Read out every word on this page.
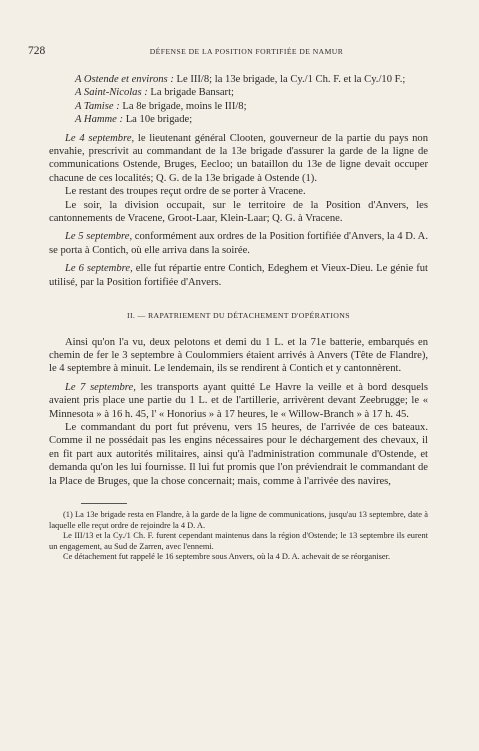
728	DÉFENSE DE LA POSITION FORTIFIÉE DE NAMUR

A Ostende et environs : Le III/8; la 13e brigade, la Cy./1 Ch. F. et la Cy./10 F.;

A Saint-Nicolas : La brigade Bansart;

A Tamise : La 8e brigade, moins le III/8;

A Hamme : La 10e brigade;

Le 4 septembre, le lieutenant général Clooten, gouverneur de la partie du pays non envahie, prescrivit au commandant de la 13e brigade d'assurer la garde de la ligne de communications Ostende, Bruges, Eecloo; un bataillon du 13e de ligne devait occuper chacune de ces localités; Q. G. de la 13e brigade à Ostende (1).

Le restant des troupes reçut ordre de se porter à Vracene.

Le soir, la division occupait, sur le territoire de la Position d'Anvers, les cantonnements de Vracene, Groot-Laar, Klein-Laar; Q. G. à Vracene.

Le 5 septembre, conformément aux ordres de la Position fortifiée d'Anvers, la 4 D. A. se porta à Contich, où elle arriva dans la soirée.

Le 6 septembre, elle fut répartie entre Contich, Edeghem et Vieux-Dieu. Le génie fut utilisé, par la Position fortifiée d'Anvers.

II. — RAPATRIEMENT DU DÉTACHEMENT D'OPÉRATIONS

Ainsi qu'on l'a vu, deux pelotons et demi du 1 L. et la 71e batterie, embarqués en chemin de fer le 3 septembre à Coulommiers étaient arrivés à Anvers (Tête de Flandre), le 4 septembre à minuit. Le lendemain, ils se rendirent à Contich et y cantonnèrent.

Le 7 septembre, les transports ayant quitté Le Havre la veille et à bord desquels avaient pris place une partie du 1 L. et de l'artillerie, arrivèrent devant Zeebrugge; le « Minnesota » à 16 h. 45, l' « Honorius » à 17 heures, le « Willow-Branch » à 17 h. 45.

Le commandant du port fut prévenu, vers 15 heures, de l'arrivée de ces bateaux. Comme il ne possédait pas les engins nécessaires pour le déchargement des chevaux, il en fit part aux autorités militaires, ainsi qu'à l'administration communale d'Ostende, et demanda qu'on les lui fournisse. Il lui fut promis que l'on préviendrait le commandant de la Place de Bruges, que la chose concernait; mais, comme à l'arrivée des navires,

(1) La 13e brigade resta en Flandre, à la garde de la ligne de communications, jusqu'au 13 septembre, date à laquelle elle reçut ordre de rejoindre la 4 D. A.

Le III/13 et la Cy./1 Ch. F. furent cependant maintenus dans la région d'Ostende; le 13 septembre ils eurent un engagement, au Sud de Zarren, avec l'ennemi.

Ce détachement fut rappelé le 16 septembre sous Anvers, où la 4 D. A. achevait de se réorganiser.
